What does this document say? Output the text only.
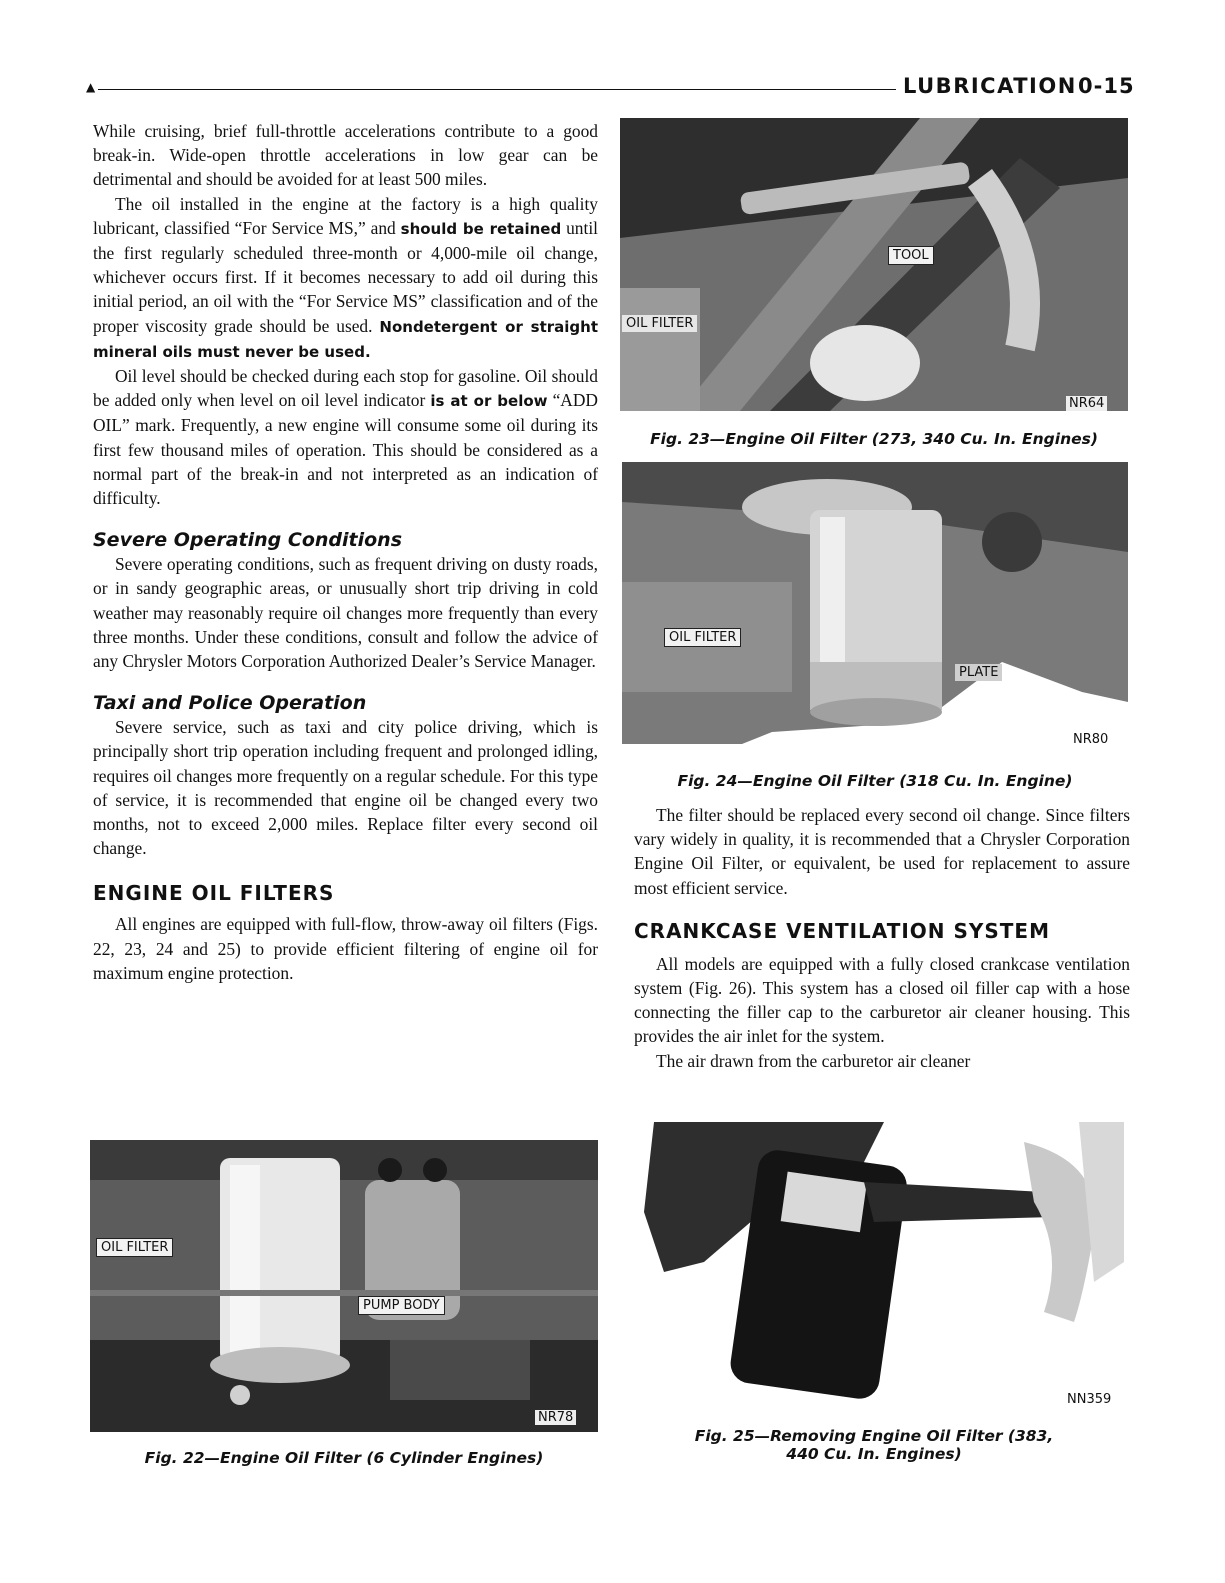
▲	LUBRICATION 0-15

While cruising, brief full-throttle accelerations contribute to a good break-in. Wide-open throttle accelerations in low gear can be detrimental and should be avoided for at least 500 miles.

The oil installed in the engine at the factory is a high quality lubricant, classified “For Service MS,” and should be retained until the first regularly scheduled three-month or 4,000-mile oil change, whichever occurs first. If it becomes necessary to add oil during this initial period, an oil with the “For Service MS” classification and of the proper viscosity grade should be used. Nondetergent or straight mineral oils must never be used.

Oil level should be checked during each stop for gasoline. Oil should be added only when level on oil level indicator is at or below “ADD OIL” mark. Frequently, a new engine will consume some oil during its first few thousand miles of operation. This should be considered as a normal part of the break-in and not interpreted as an indication of difficulty.

Severe Operating Conditions

Severe operating conditions, such as frequent driving on dusty roads, or in sandy geographic areas, or unusually short trip driving in cold weather may reasonably require oil changes more frequently than every three months. Under these conditions, consult and follow the advice of any Chrysler Motors Corporation Authorized Dealer’s Service Manager.

Taxi and Police Operation

Severe service, such as taxi and city police driving, which is principally short trip operation including frequent and prolonged idling, requires oil changes more frequently on a regular schedule. For this type of service, it is recommended that engine oil be changed every two months, not to exceed 2,000 miles. Replace filter every second oil change.

ENGINE OIL FILTERS

All engines are equipped with full-flow, throw-away oil filters (Figs. 22, 23, 24 and 25) to provide efficient filtering of engine oil for maximum engine protection.

OIL FILTER
PUMP BODY
NR78
Fig. 22—Engine Oil Filter (6 Cylinder Engines)
TOOL
OIL FILTER
NR64
Fig. 23—Engine Oil Filter (273, 340 Cu. In. Engines)
OIL FILTER
PLATE
NR80
Fig. 24—Engine Oil Filter (318 Cu. In. Engine)

The filter should be replaced every second oil change. Since filters vary widely in quality, it is recommended that a Chrysler Corporation Engine Oil Filter, or equivalent, be used for replacement to assure most efficient service.

CRANKCASE VENTILATION SYSTEM

All models are equipped with a fully closed crankcase ventilation system (Fig. 26). This system has a closed oil filler cap with a hose connecting the filler cap to the carburetor air cleaner housing. This provides the air inlet for the system.

The air drawn from the carburetor air cleaner

NN359
Fig. 25—Removing Engine Oil Filter (383,
440 Cu. In. Engines)
